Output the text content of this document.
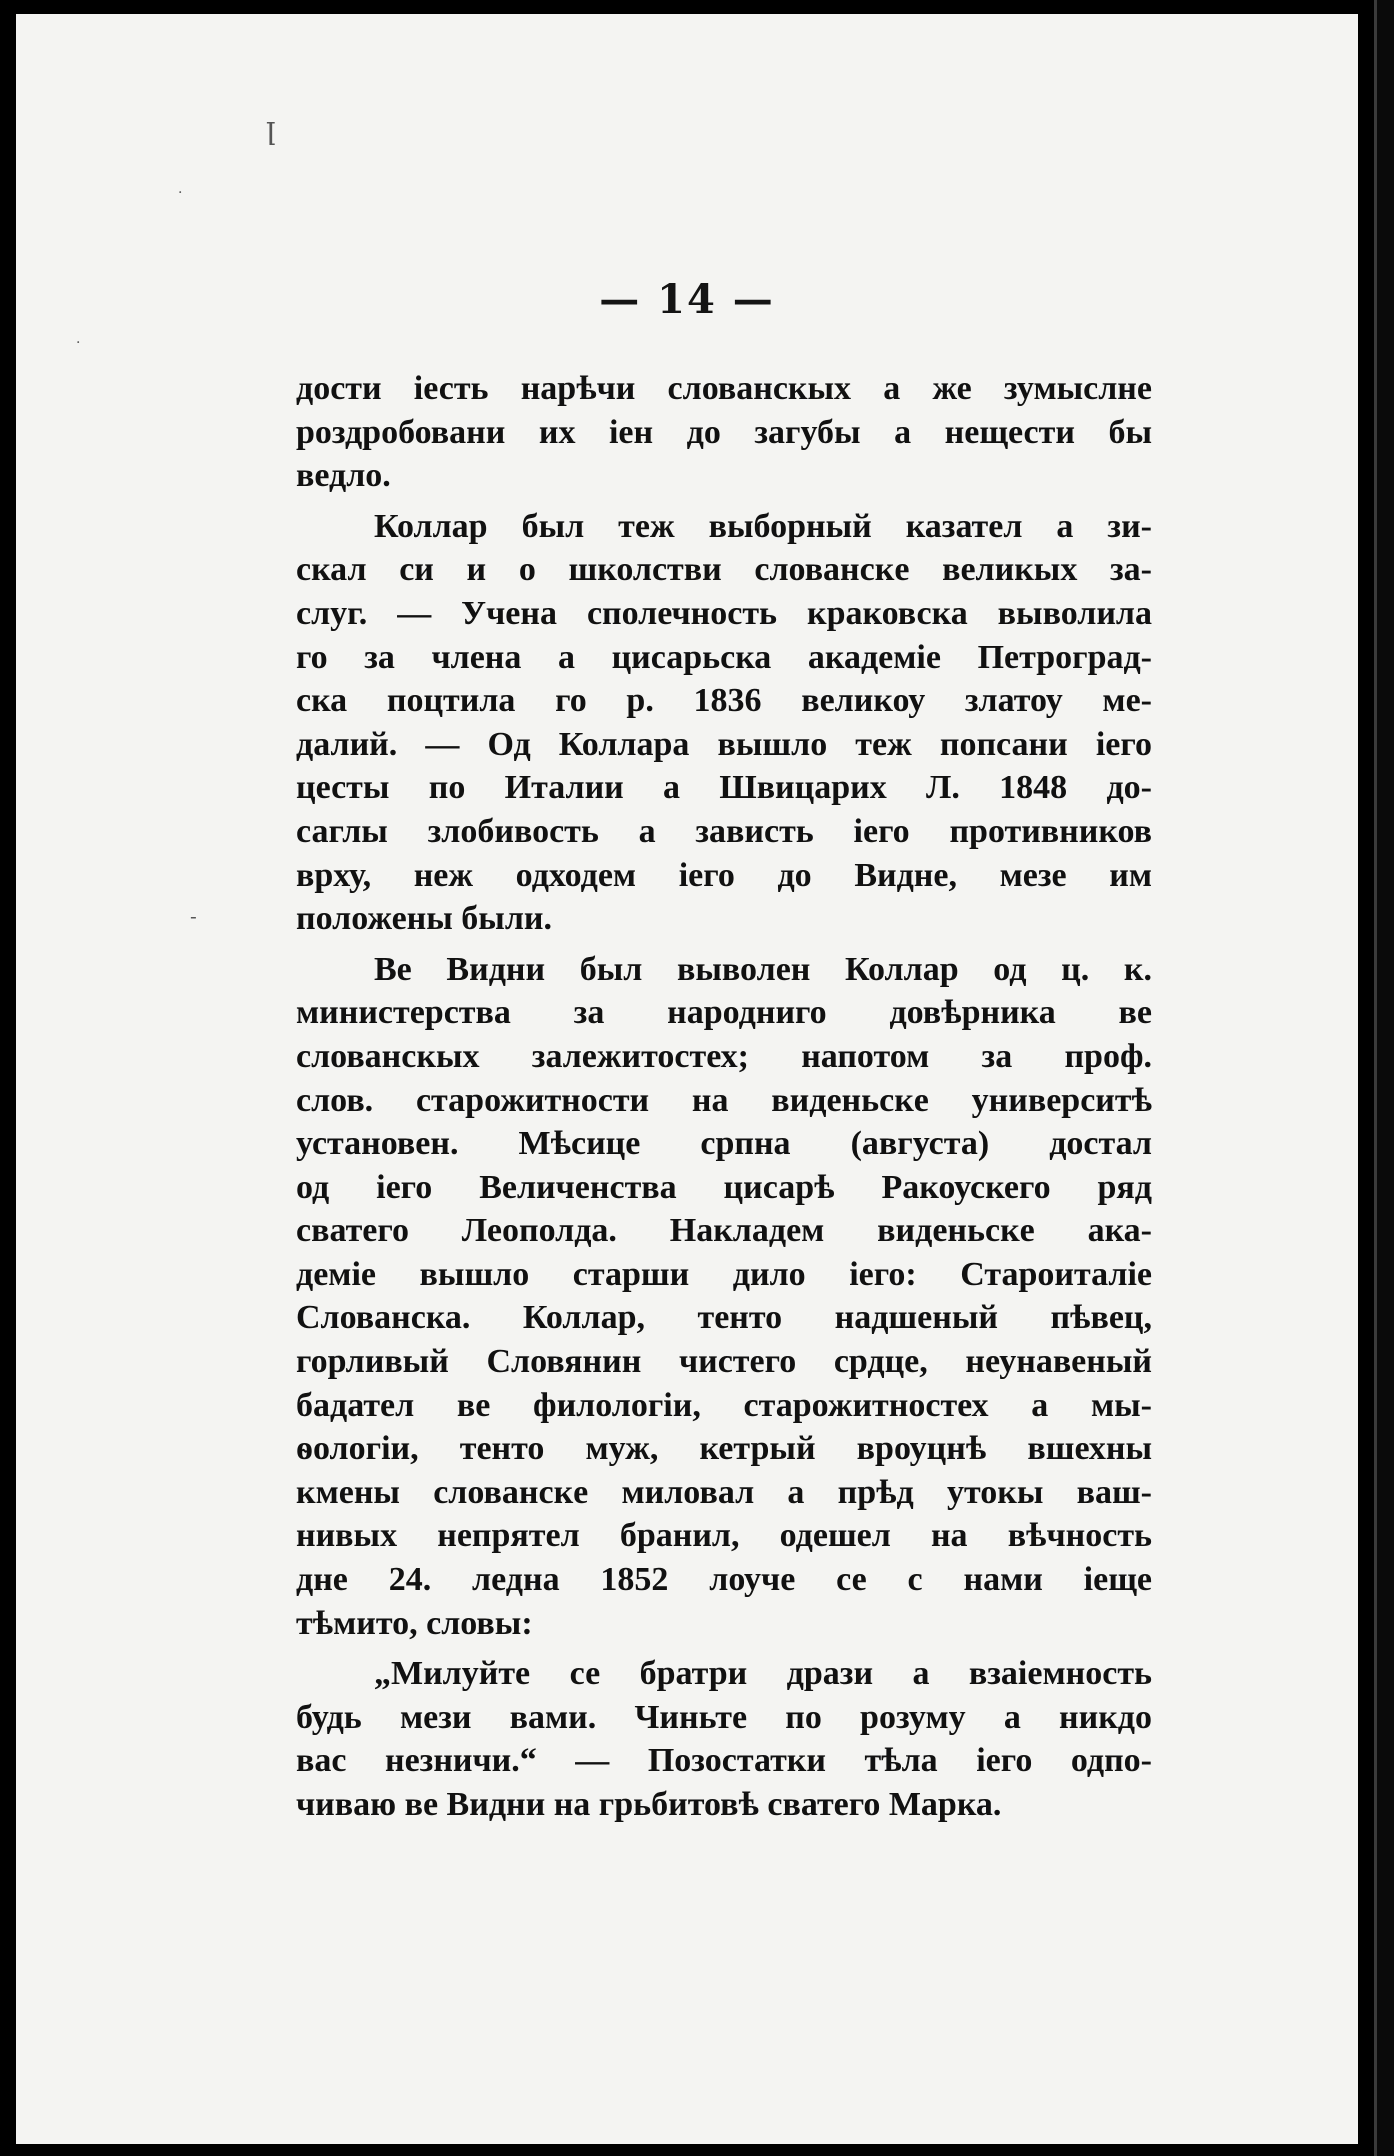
ꞁ
·
·
-
— 14 —
дости іесть нарѣчи слованскых а же зумыслнe
роздробовани их іен до загубы а нещести бы
ведло.
Коллар был теж выборный казател а зи-
скал си и о школстви слованскe великых за-
слуг. — Учена сполечность краковска выволила
го за члена а цисарьска академіе Петроград-
ска поцтила го р. 1836 великоу златоу ме-
далий. — Од Коллара вышло теж попсани іего
цесты по Италии а Швицарих Л. 1848 до-
саглы злобивость а зависть іего противников
врху, неж одходем іего до Видне, мезе им
положены были.
Ве Видни был выволен Коллар од ц. к.
министерства за народниго довѣрника ве
слованскых залежитостех; напотом за проф.
слов. старожитности на виденьскe университѣ
установен. Мѣсице српна (августа) достал
од іего Величенства цисарѣ Ракоускего ряд
сватего Леополда. Накладем виденьскe ака-
деміе вышло старши дило іего: Староиталіе
Слованска. Коллар, тенто надшеный пѣвец,
горливый Словянин чистего срдце, неунавеный
бадател ве филологіи, старожитностех а мы-
ѳологіи, тенто муж, кетрый вроуцнѣ вшехны
кмены слованскe миловал а прѣд утокы ваш-
нивых непрятел бранил, одешел на вѣчность
дне 24. ледна 1852 лоуче се с нами іеще
тѣмито, словы:
„Милуйте се братри дрази а взаіемность
будь мези вами. Чиньте по розуму а никдо
вас незничи.“ — Позостатки тѣла іего одпо-
чиваю ве Видни на грьбитовѣ сватего Марка.
